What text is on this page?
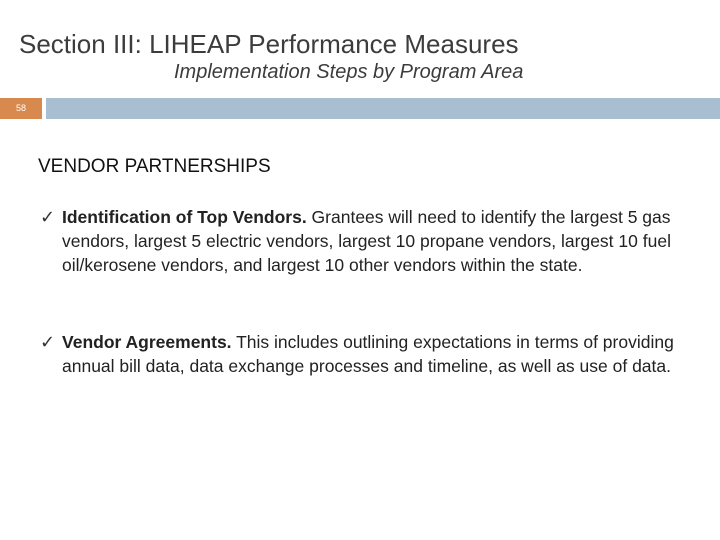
Section III: LIHEAP Performance Measures
Implementation Steps by Program Area
58
VENDOR PARTNERSHIPS
✓ Identification of Top Vendors. Grantees will need to identify the largest 5 gas vendors, largest 5 electric vendors, largest 10 propane vendors, largest 10 fuel oil/kerosene vendors, and largest 10 other vendors within the state.
✓ Vendor Agreements. This includes outlining expectations in terms of providing annual bill data, data exchange processes and timeline, as well as use of data.
